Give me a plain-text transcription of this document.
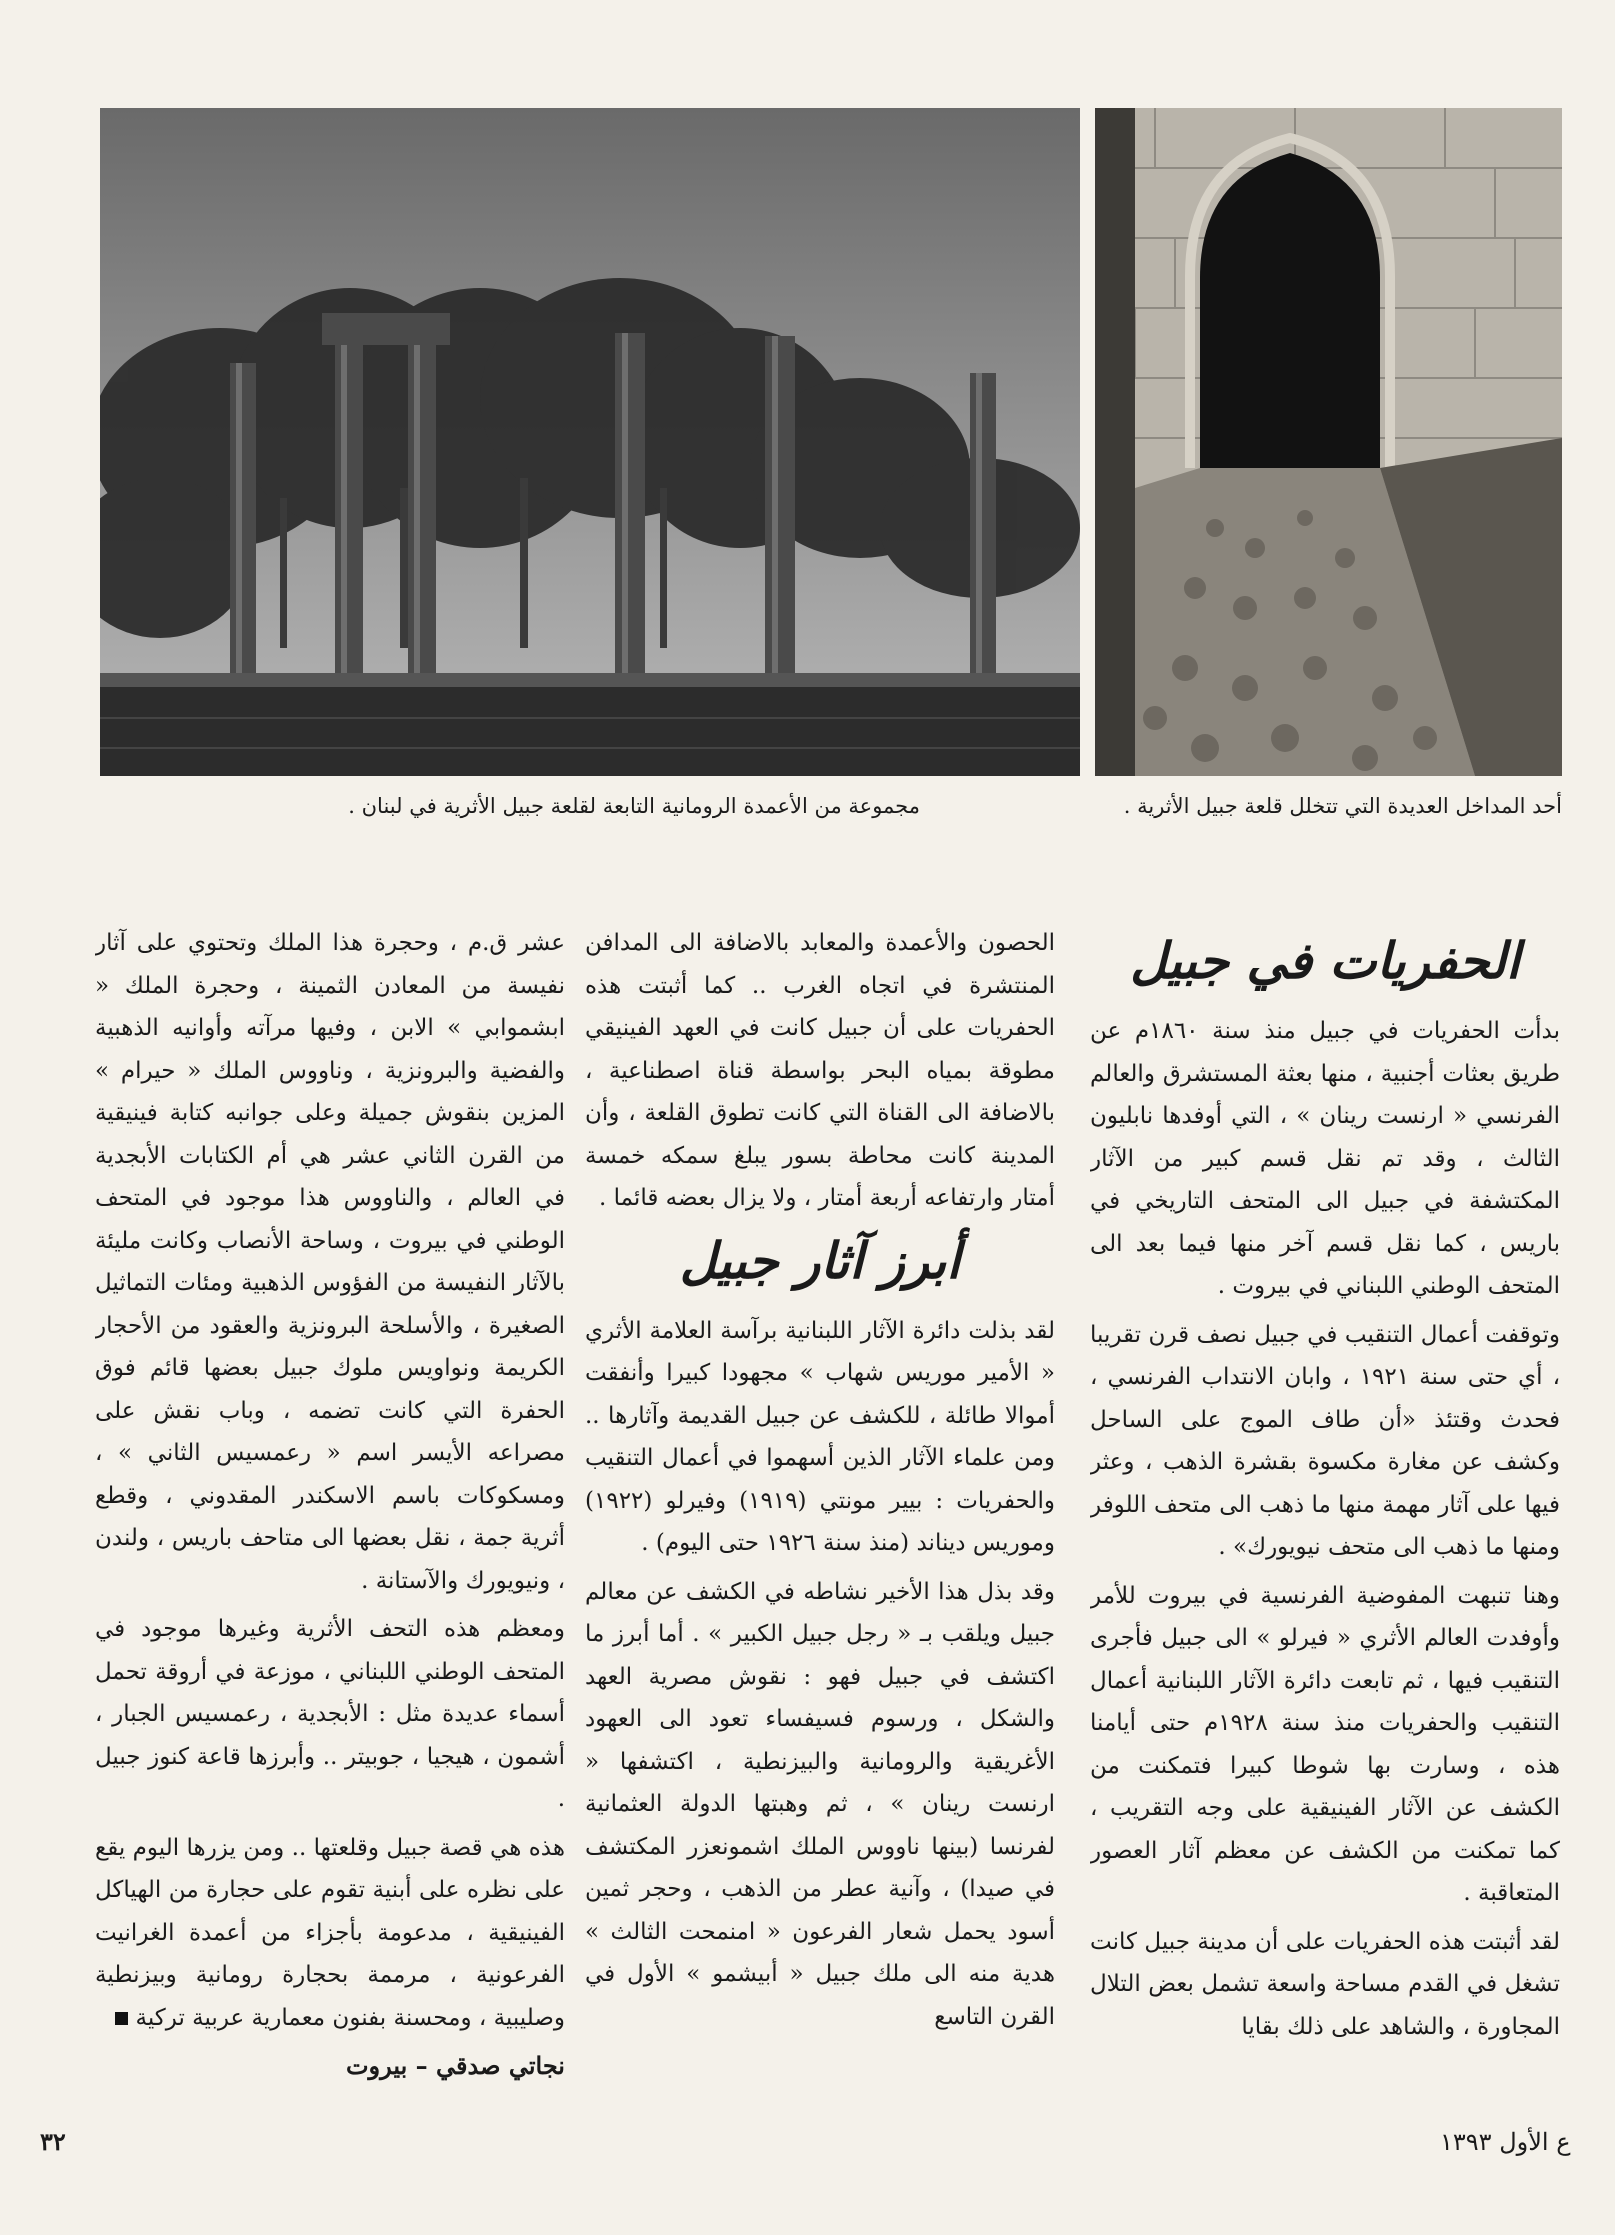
مجموعة من الأعمدة الرومانية التابعة لقلعة جبيل الأثرية في لبنان .	أحد المداخل العديدة التي تتخلل قلعة جبيل الأثرية .
الحفريات في جبيل

بدأت الحفريات في جبيل منذ سنة ١٨٦٠م عن طريق بعثات أجنبية ، منها بعثة المستشرق والعالم الفرنسي « ارنست رينان » ، التي أوفدها نابليون الثالث ، وقد تم نقل قسم كبير من الآثار المكتشفة في جبيل الى المتحف التاريخي في باريس ، كما نقل قسم آخر منها فيما بعد الى المتحف الوطني اللبناني في بيروت .

وتوقفت أعمال التنقيب في جبيل نصف قرن تقريبا ، أي حتى سنة ١٩٢١ ، وابان الانتداب الفرنسي ، فحدث وقتئذ «أن طاف الموج على الساحل وكشف عن مغارة مكسوة بقشرة الذهب ، وعثر فيها على آثار مهمة منها ما ذهب الى متحف اللوفر ومنها ما ذهب الى متحف نيويورك» .

وهنا تنبهت المفوضية الفرنسية في بيروت للأمر وأوفدت العالم الأثري « فيرلو » الى جبيل فأجرى التنقيب فيها ، ثم تابعت دائرة الآثار اللبنانية أعمال التنقيب والحفريات منذ سنة ١٩٢٨م حتى أيامنا هذه ، وسارت بها شوطا كبيرا فتمكنت من الكشف عن الآثار الفينيقية على وجه التقريب ، كما تمكنت من الكشف عن معظم آثار العصور المتعاقبة .

لقد أثبتت هذه الحفريات على أن مدينة جبيل كانت تشغل في القدم مساحة واسعة تشمل بعض التلال المجاورة ، والشاهد على ذلك بقايا

الحصون والأعمدة والمعابد بالاضافة الى المدافن المنتشرة في اتجاه الغرب .. كما أثبتت هذه الحفريات على أن جبيل كانت في العهد الفينيقي مطوقة بمياه البحر بواسطة قناة اصطناعية ، بالاضافة الى القناة التي كانت تطوق القلعة ، وأن المدينة كانت محاطة بسور يبلغ سمكه خمسة أمتار وارتفاعه أربعة أمتار ، ولا يزال بعضه قائما .

أبرز آثار جبيل

لقد بذلت دائرة الآثار اللبنانية برآسة العلامة الأثري « الأمير موريس شهاب » مجهودا كبيرا وأنفقت أموالا طائلة ، للكشف عن جبيل القديمة وآثارها .. ومن علماء الآثار الذين أسهموا في أعمال التنقيب والحفريات : بيير مونتي (١٩١٩) وفيرلو (١٩٢٢) وموريس ديناند (منذ سنة ١٩٢٦ حتى اليوم) .

وقد بذل هذا الأخير نشاطه في الكشف عن معالم جبيل ويلقب بـ « رجل جبيل الكبير » . أما أبرز ما اكتشف في جبيل فهو : نقوش مصرية العهد والشكل ، ورسوم فسيفساء تعود الى العهود الأغريقية والرومانية والبيزنطية ، اكتشفها « ارنست رينان » ، ثم وهبتها الدولة العثمانية لفرنسا (بينها ناووس الملك اشمونعزر المكتشف في صيدا) ، وآنية عطر من الذهب ، وحجر ثمين أسود يحمل شعار الفرعون « امنمحت الثالث » هدية منه الى ملك جبيل « أبيشمو » الأول في القرن التاسع

عشر ق.م ، وحجرة هذا الملك وتحتوي على آثار نفيسة من المعادن الثمينة ، وحجرة الملك « ابشموابي » الابن ، وفيها مرآته وأوانيه الذهبية والفضية والبرونزية ، وناووس الملك « حيرام » المزين بنقوش جميلة وعلى جوانبه كتابة فينيقية من القرن الثاني عشر هي أم الكتابات الأبجدية في العالم ، والناووس هذا موجود في المتحف الوطني في بيروت ، وساحة الأنصاب وكانت مليئة بالآثار النفيسة من الفؤوس الذهبية ومئات التماثيل الصغيرة ، والأسلحة البرونزية والعقود من الأحجار الكريمة ونواويس ملوك جبيل بعضها قائم فوق الحفرة التي كانت تضمه ، وباب نقش على مصراعه الأيسر اسم « رعمسيس الثاني » ، ومسكوكات باسم الاسكندر المقدوني ، وقطع أثرية جمة ، نقل بعضها الى متاحف باريس ، ولندن ، ونيويورك والآستانة .

ومعظم هذه التحف الأثرية وغيرها موجود في المتحف الوطني اللبناني ، موزعة في أروقة تحمل أسماء عديدة مثل : الأبجدية ، رعمسيس الجبار ، أشمون ، هيجيا ، جوبيتر .. وأبرزها قاعة كنوز جبيل .

هذه هي قصة جبيل وقلعتها .. ومن يزرها اليوم يقع على نظره على أبنية تقوم على حجارة من الهياكل الفينيقية ، مدعومة بأجزاء من أعمدة الغرانيت الفرعونية ، مرممة بحجارة رومانية وبيزنطية وصليبية ، ومحسنة بفنون معمارية عربية تركية

نجاتي صدقي – بيروت
٣٢	ع الأول ١٣٩٣
